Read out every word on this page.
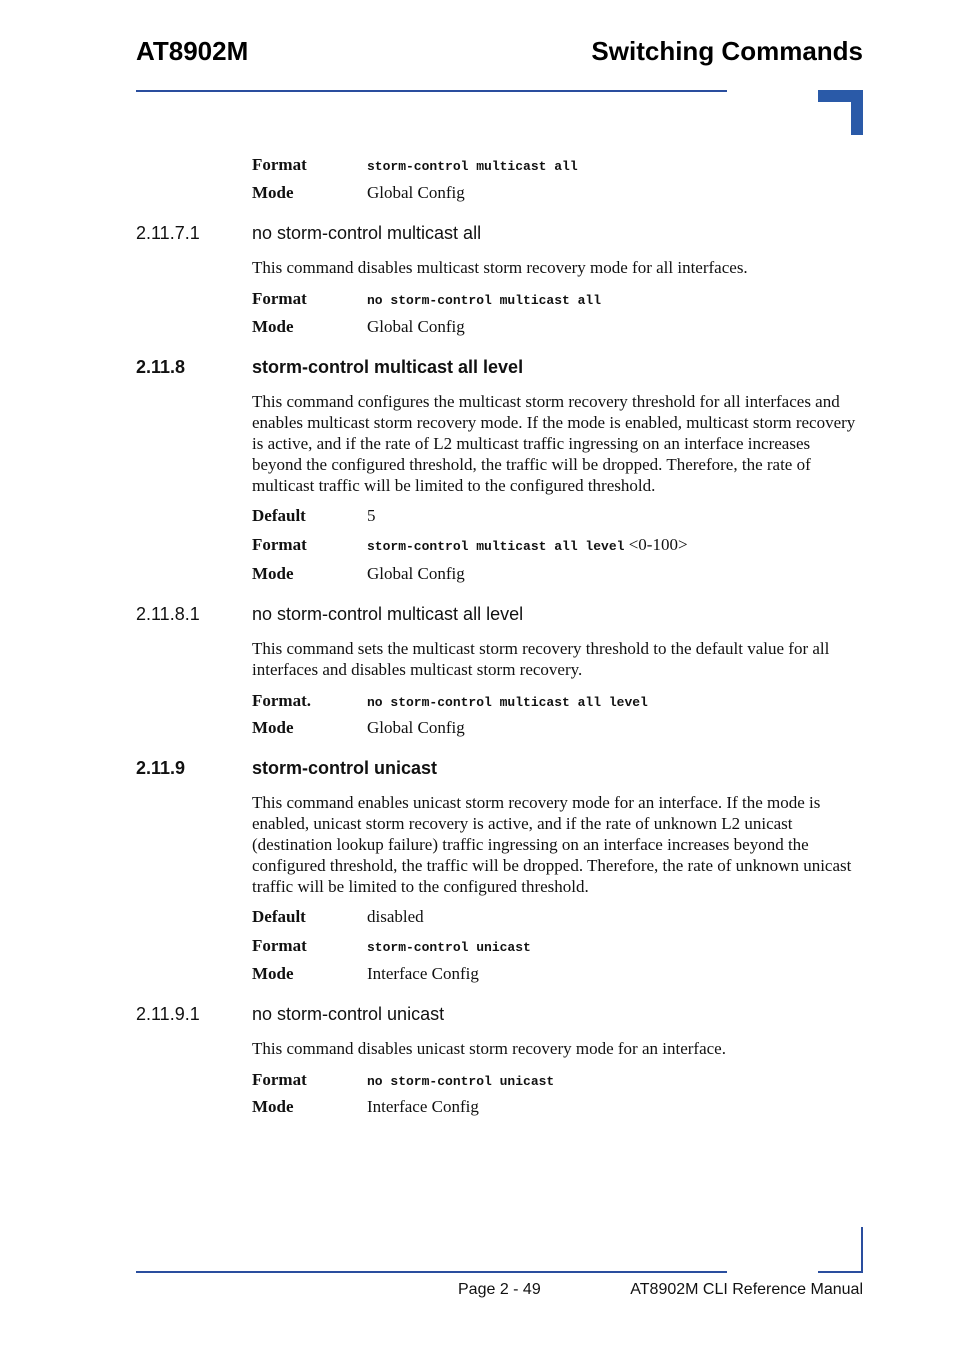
AT8902M	Switching Commands
Format	storm-control multicast all
Mode	Global Config
2.11.7.1	no storm-control multicast all
This command disables multicast storm recovery mode for all interfaces.
Format	no storm-control multicast all
Mode	Global Config
2.11.8	storm-control multicast all level
This command configures the multicast storm recovery threshold for all interfaces and enables multicast storm recovery mode. If the mode is enabled, multicast storm recovery is active, and if the rate of L2 multicast traffic ingressing on an interface increases beyond the configured threshold, the traffic will be dropped. Therefore, the rate of multicast traffic will be limited to the configured threshold.
Default	5
Format	storm-control multicast all level <0-100>
Mode	Global Config
2.11.8.1	no storm-control multicast all level
This command sets the multicast storm recovery threshold to the default value for all interfaces and disables multicast storm recovery.
Format.	no storm-control multicast all level
Mode	Global Config
2.11.9	storm-control unicast
This command enables unicast storm recovery mode for an interface. If the mode is enabled, unicast storm recovery is active, and if the rate of unknown L2 unicast (destination lookup failure) traffic ingressing on an interface increases beyond the configured threshold, the traffic will be dropped. Therefore, the rate of unknown unicast traffic will be limited to the configured threshold.
Default	disabled
Format	storm-control unicast
Mode	Interface Config
2.11.9.1	no storm-control unicast
This command disables unicast storm recovery mode for an interface.
Format	no storm-control unicast
Mode	Interface Config
Page 2 - 49	AT8902M CLI Reference Manual
